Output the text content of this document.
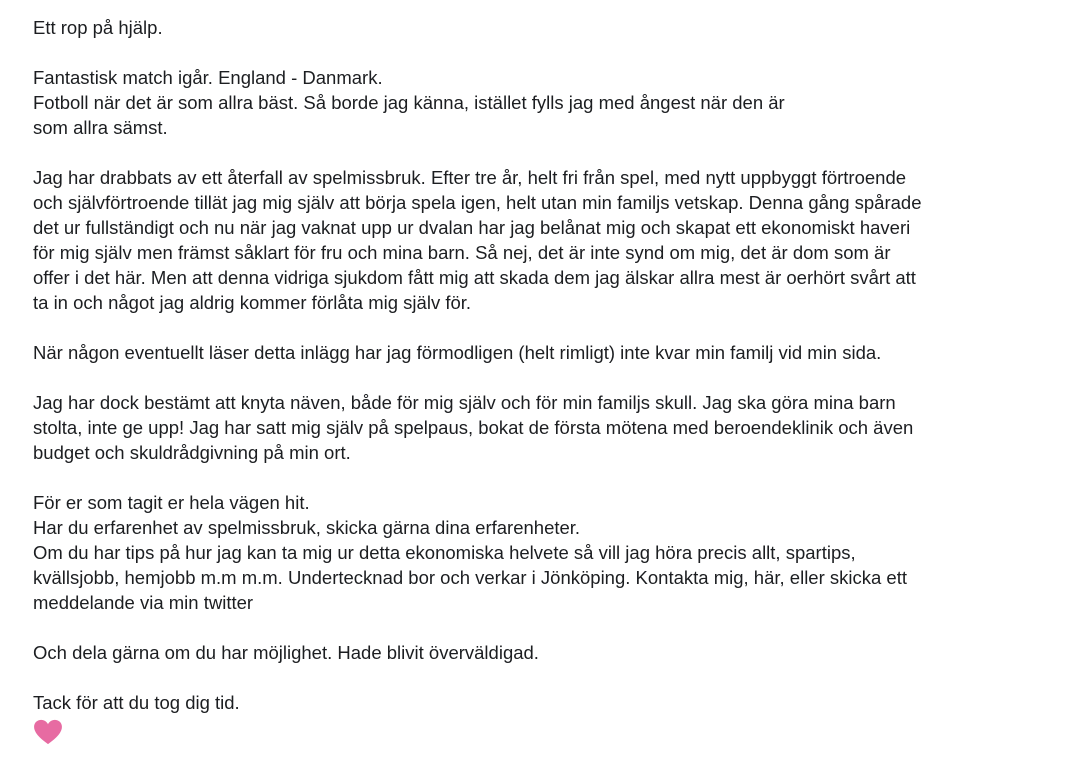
Ett rop på hjälp.
Fantastisk match igår. England - Danmark.
Fotboll när det är som allra bäst. Så borde jag känna, istället fylls jag med ångest när den är
som allra sämst.
Jag har drabbats av ett återfall av spelmissbruk. Efter tre år, helt fri från spel, med nytt uppbyggt förtroende
och självförtroende tillät jag mig själv att börja spela igen, helt utan min familjs vetskap. Denna gång spårade
det ur fullständigt och nu när jag vaknat upp ur dvalan har jag belånat mig och skapat ett ekonomiskt haveri
för mig själv men främst såklart för fru och mina barn. Så nej, det är inte synd om mig, det är dom som är
offer i det här. Men att denna vidriga sjukdom fått mig att skada dem jag älskar allra mest är oerhört svårt att
ta in och något jag aldrig kommer förlåta mig själv för.
När någon eventuellt läser detta inlägg har jag förmodligen (helt rimligt) inte kvar min familj vid min sida.
Jag har dock bestämt att knyta näven, både för mig själv och för min familjs skull. Jag ska göra mina barn
stolta, inte ge upp! Jag har satt mig själv på spelpaus, bokat de första mötena med beroendeklinik och även
budget och skuldrådgivning på min ort.
För er som tagit er hela vägen hit.
Har du erfarenhet av spelmissbruk, skicka gärna dina erfarenheter.
Om du har tips på hur jag kan ta mig ur detta ekonomiska helvete så vill jag höra precis allt, spartips,
kvällsjobb, hemjobb m.m m.m. Undertecknad bor och verkar i Jönköping. Kontakta mig, här, eller skicka ett
meddelande via min twitter
Och dela gärna om du har möjlighet. Hade blivit överväldigad.
Tack för att du tog dig tid.
